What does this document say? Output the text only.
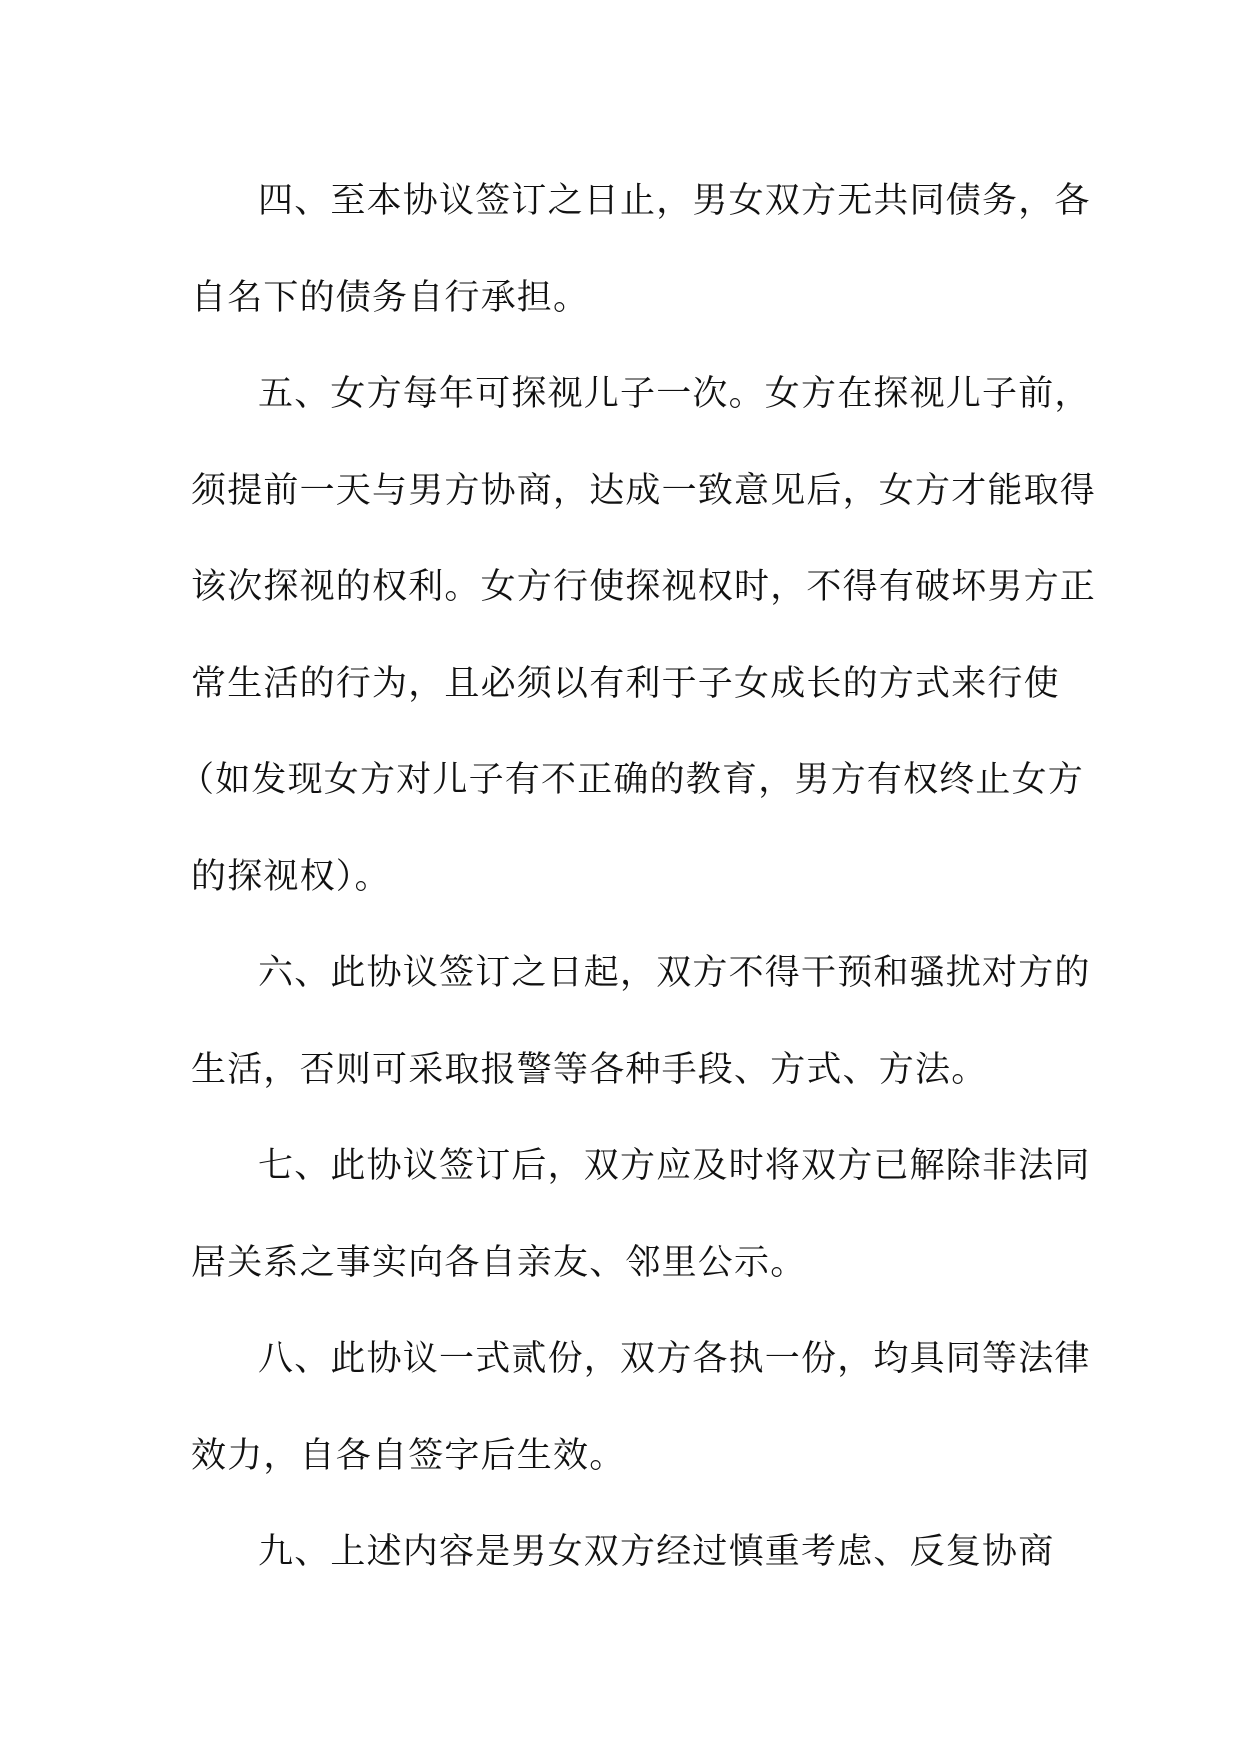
四、至本协议签订之日止，男女双方无共同债务，各
自名下的债务自行承担。
五、女方每年可探视儿子一次。女方在探视儿子前，
须提前一天与男方协商，达成一致意见后，女方才能取得
该次探视的权利。女方行使探视权时，不得有破坏男方正
常生活的行为，且必须以有利于子女成长的方式来行使
（如发现女方对儿子有不正确的教育，男方有权终止女方
的探视权）。
六、此协议签订之日起，双方不得干预和骚扰对方的
生活，否则可采取报警等各种手段、方式、方法。
七、此协议签订后，双方应及时将双方已解除非法同
居关系之事实向各自亲友、邻里公示。
八、此协议一式贰份，双方各执一份，均具同等法律
效力，自各自签字后生效。
九、上述内容是男女双方经过慎重考虑、反复协商
